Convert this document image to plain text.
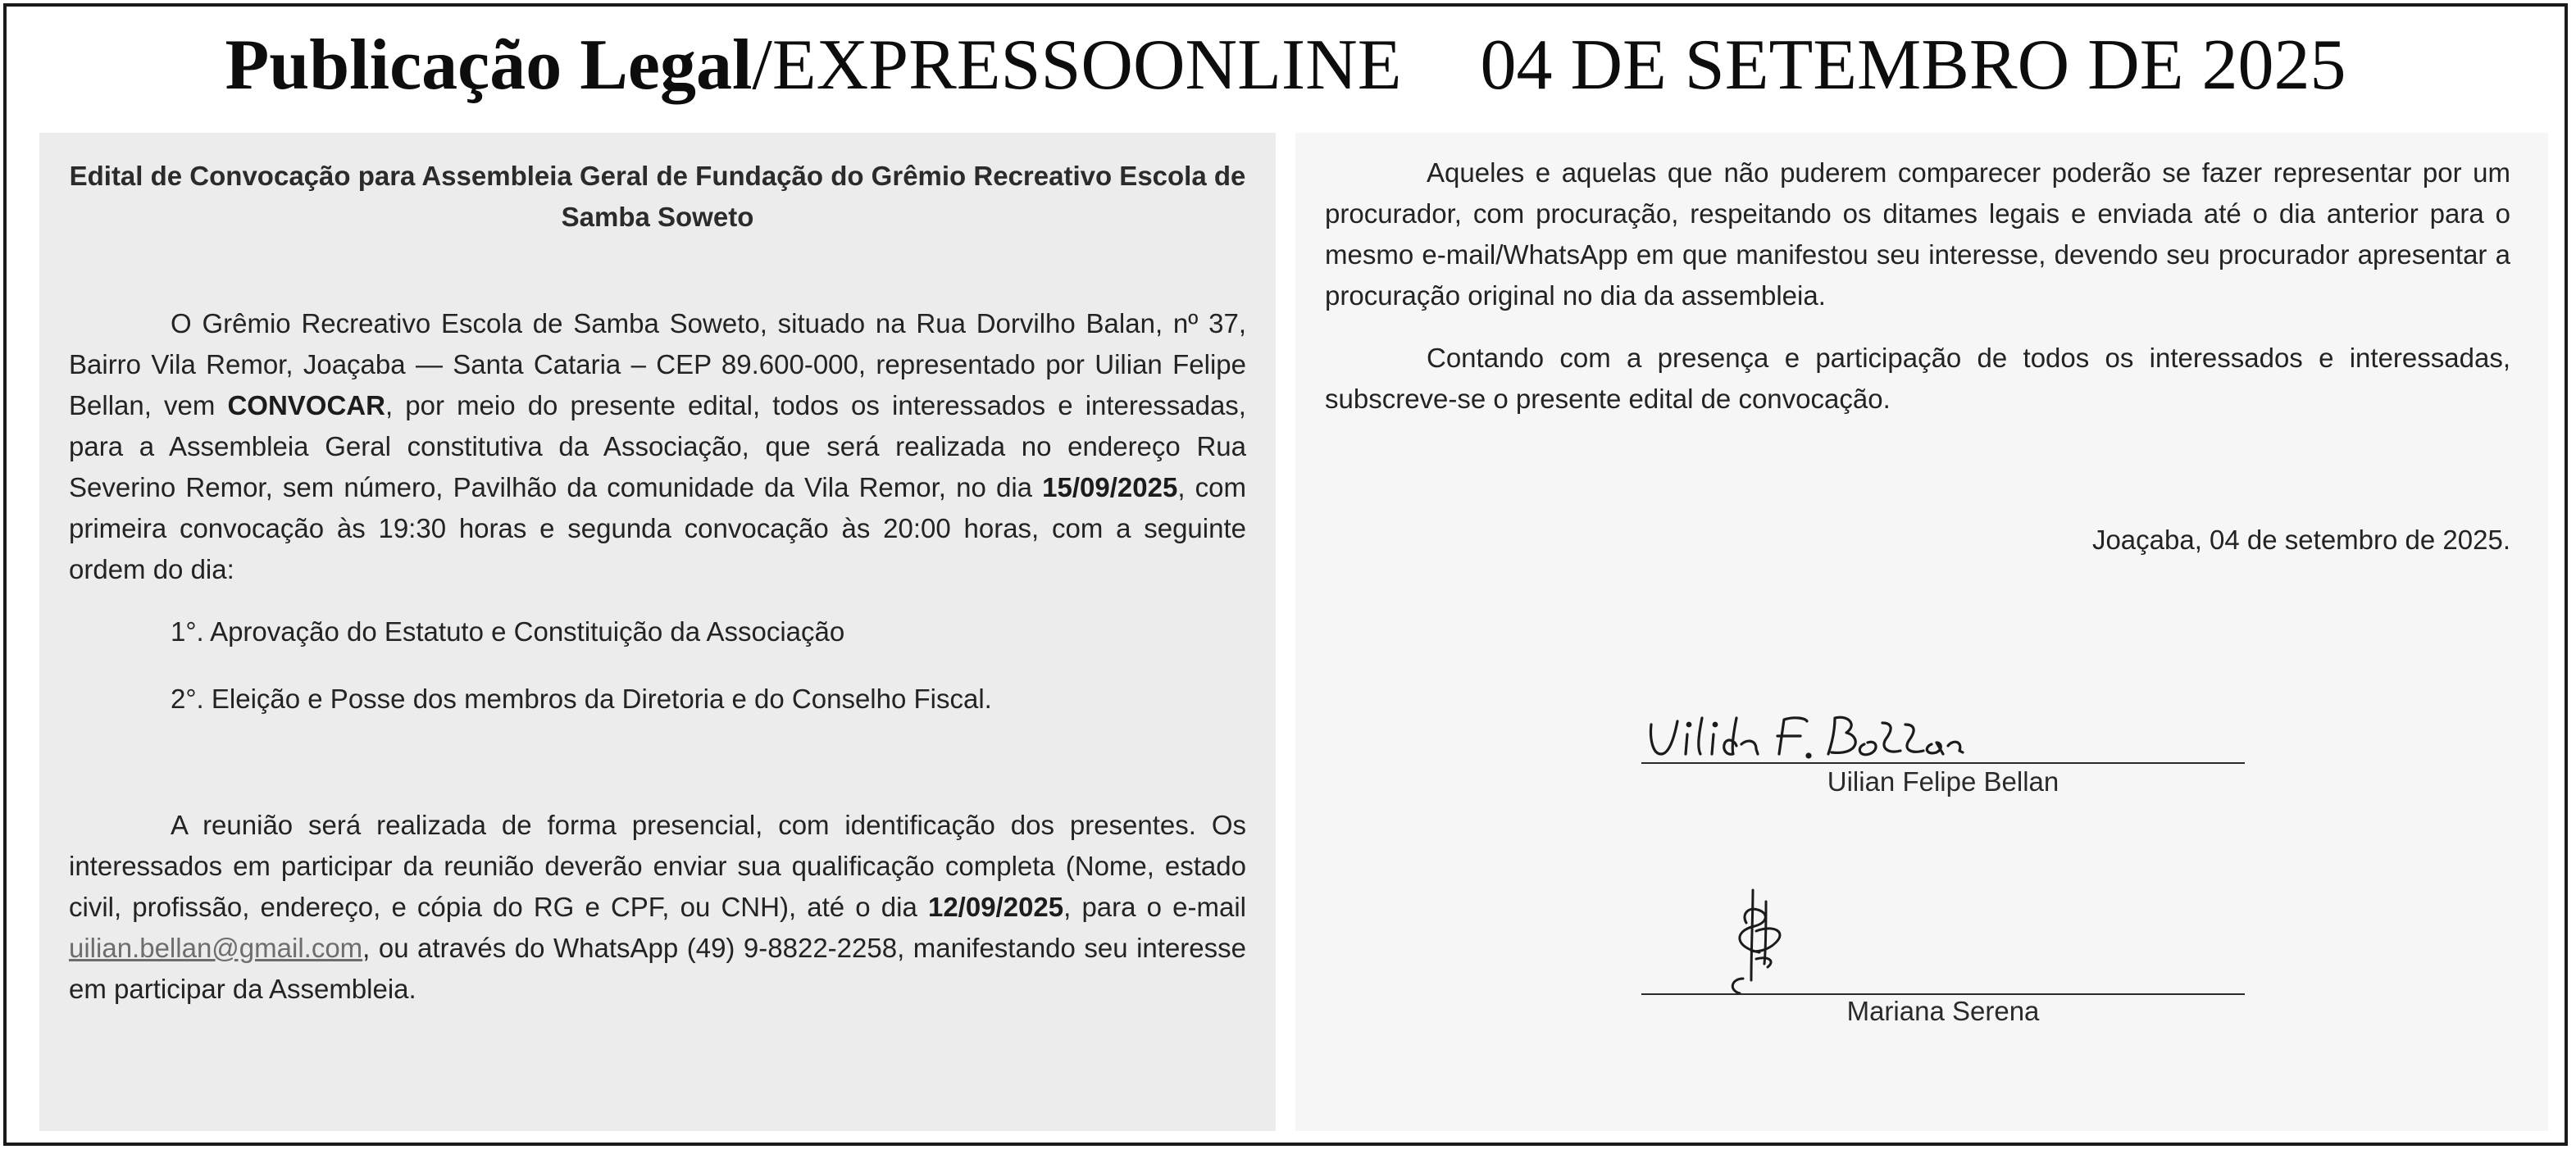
Publicação Legal/EXPRESSOONLINE 04 DE SETEMBRO DE 2025
Edital de Convocação para Assembleia Geral de Fundação do Grêmio Recreativo Escola de Samba Soweto

O Grêmio Recreativo Escola de Samba Soweto, situado na Rua Dorvilho Balan, nº 37, Bairro Vila Remor, Joaçaba — Santa Cataria – CEP 89.600-000, representado por Uilian Felipe Bellan, vem CONVOCAR, por meio do presente edital, todos os interessados e interessadas, para a Assembleia Geral constitutiva da Associação, que será realizada no endereço Rua Severino Remor, sem número, Pavilhão da comunidade da Vila Remor, no dia 15/09/2025, com primeira convocação às 19:30 horas e segunda convocação às 20:00 horas, com a seguinte ordem do dia:

1°. Aprovação do Estatuto e Constituição da Associação
2°. Eleição e Posse dos membros da Diretoria e do Conselho Fiscal.

A reunião será realizada de forma presencial, com identificação dos presentes. Os interessados em participar da reunião deverão enviar sua qualificação completa (Nome, estado civil, profissão, endereço, e cópia do RG e CPF, ou CNH), até o dia 12/09/2025, para o e-mail uilian.bellan@gmail.com, ou através do WhatsApp (49) 9-8822-2258, manifestando seu interesse em participar da Assembleia.

Aqueles e aquelas que não puderem comparecer poderão se fazer representar por um procurador, com procuração, respeitando os ditames legais e enviada até o dia anterior para o mesmo e-mail/WhatsApp em que manifestou seu interesse, devendo seu procurador apresentar a procuração original no dia da assembleia.

Contando com a presença e participação de todos os interessados e interessadas, subscreve-se o presente edital de convocação.

Joaçaba, 04 de setembro de 2025.
Uilian Felipe Bellan
Mariana Serena
